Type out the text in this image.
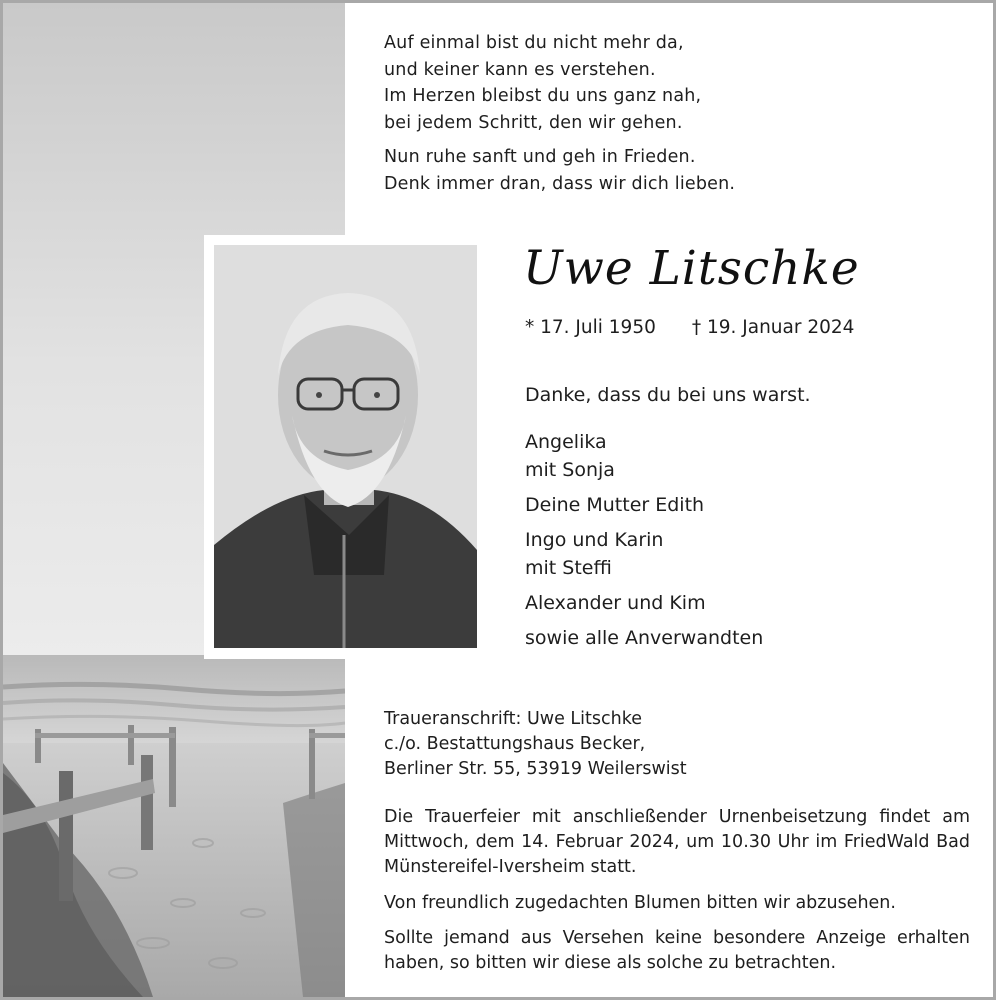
Auf einmal bist du nicht mehr da,
und keiner kann es verstehen.
Im Herzen bleibst du uns ganz nah,
bei jedem Schritt, den wir gehen.
Nun ruhe sanft und geh in Frieden.
Denk immer dran, dass wir dich lieben.
Uwe Litschke
* 17. Juli 1950 † 19. Januar 2024
Danke, dass du bei uns warst.
Angelika
mit Sonja
Deine Mutter Edith
Ingo und Karin
mit Steffi
Alexander und Kim
sowie alle Anverwandten
Traueranschrift: Uwe Litschke
c./o. Bestattungshaus Becker,
Berliner Str. 55, 53919 Weilerswist
Die Trauerfeier mit anschließender Urnenbeisetzung findet am Mittwoch, dem 14. Februar 2024, um 10.30 Uhr im FriedWald Bad Münstereifel-Iversheim statt.
Von freundlich zugedachten Blumen bitten wir abzusehen.
Sollte jemand aus Versehen keine besondere Anzeige erhalten haben, so bitten wir diese als solche zu betrachten.
